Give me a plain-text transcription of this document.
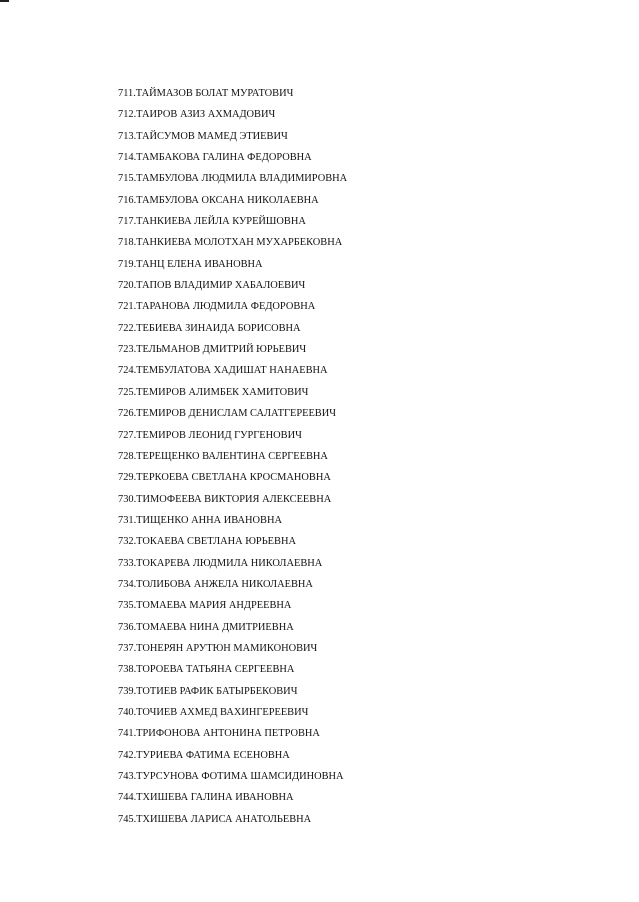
711.ТАЙМАЗОВ БОЛАТ МУРАТОВИЧ
712.ТАИРОВ АЗИЗ АХМАДОВИЧ
713.ТАЙСУМОВ МАМЕД ЭТИЕВИЧ
714.ТАМБАКОВА ГАЛИНА ФЕДОРОВНА
715.ТАМБУЛОВА ЛЮДМИЛА ВЛАДИМИРОВНА
716.ТАМБУЛОВА ОКСАНА НИКОЛАЕВНА
717.ТАНКИЕВА ЛЕЙЛА КУРЕЙШОВНА
718.ТАНКИЕВА МОЛОТХАН МУХАРБЕКОВНА
719.ТАНЦ ЕЛЕНА ИВАНОВНА
720.ТАПОВ ВЛАДИМИР ХАБАЛОЕВИЧ
721.ТАРАНОВА ЛЮДМИЛА ФЕДОРОВНА
722.ТЕБИЕВА ЗИНАИДА БОРИСОВНА
723.ТЕЛЬМАНОВ ДМИТРИЙ ЮРЬЕВИЧ
724.ТЕМБУЛАТОВА ХАДИШАТ НАНАЕВНА
725.ТЕМИРОВ АЛИМБЕК ХАМИТОВИЧ
726.ТЕМИРОВ ДЕНИСЛАМ САЛАТГЕРЕЕВИЧ
727.ТЕМИРОВ ЛЕОНИД ГУРГЕНОВИЧ
728.ТЕРЕЩЕНКО ВАЛЕНТИНА СЕРГЕЕВНА
729.ТЕРКОЕВА СВЕТЛАНА КРОСМАНОВНА
730.ТИМОФЕЕВА ВИКТОРИЯ АЛЕКСЕЕВНА
731.ТИЩЕНКО АННА ИВАНОВНА
732.ТОКАЕВА СВЕТЛАНА ЮРЬЕВНА
733.ТОКАРЕВА ЛЮДМИЛА НИКОЛАЕВНА
734.ТОЛИБОВА АНЖЕЛА НИКОЛАЕВНА
735.ТОМАЕВА МАРИЯ АНДРЕЕВНА
736.ТОМАЕВА НИНА ДМИТРИЕВНА
737.ТОНЕРЯН АРУТЮН МАМИКОНОВИЧ
738.ТОРОЕВА ТАТЬЯНА СЕРГЕЕВНА
739.ТОТИЕВ РАФИК БАТЫРБЕКОВИЧ
740.ТОЧИЕВ АХМЕД ВАХИНГЕРЕЕВИЧ
741.ТРИФОНОВА АНТОНИНА ПЕТРОВНА
742.ТУРИЕВА ФАТИМА ЕСЕНОВНА
743.ТУРСУНОВА ФОТИМА ШАМСИДИНОВНА
744.ТХИШЕВА ГАЛИНА ИВАНОВНА
745.ТХИШЕВА ЛАРИСА АНАТОЛЬЕВНА
